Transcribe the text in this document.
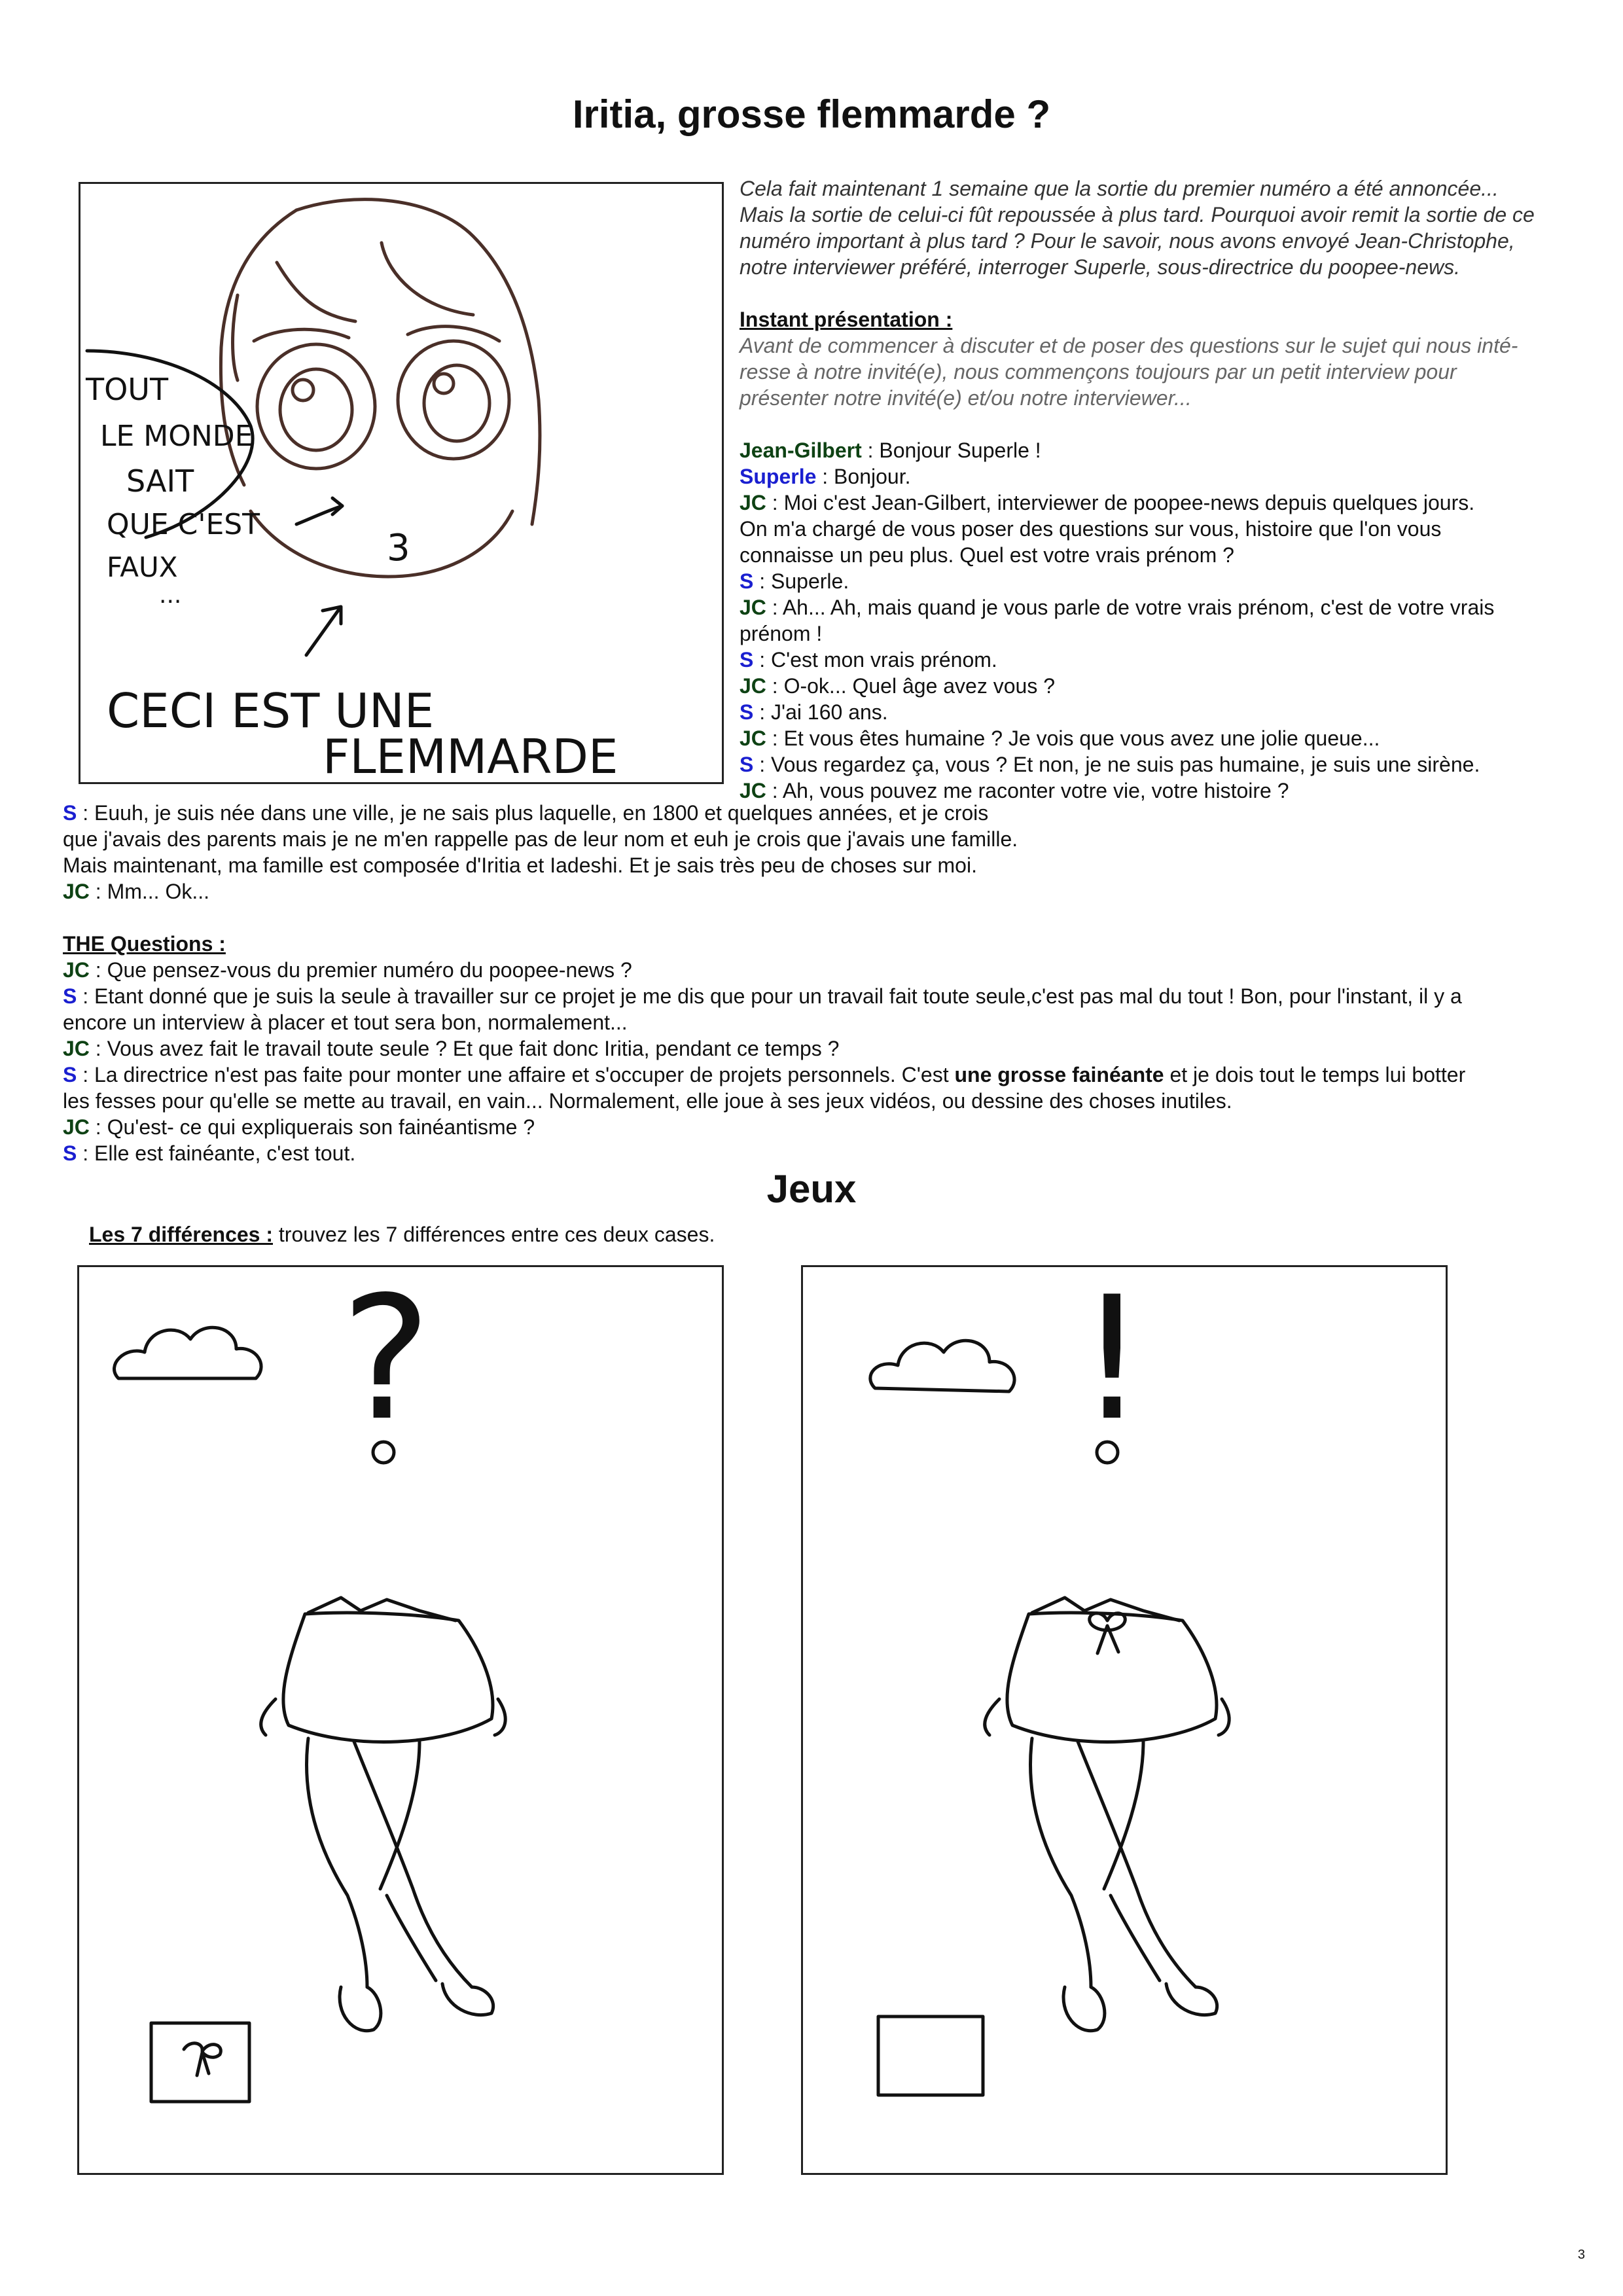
Iritia, grosse flemmarde ?
3
TOUT
LE MONDE
SAIT
QUE C'EST
FAUX
...
CECI EST UNE
FLEMMARDE

Cela fait maintenant 1 semaine que la sortie du premier numéro a été annoncée...

Mais la sortie de celui-ci fût repoussée à plus tard. Pourquoi avoir remit la sortie de ce

numéro important à plus tard ? Pour le savoir, nous avons envoyé Jean-Christophe,

notre interviewer préféré, interroger Superle, sous-directrice du poopee-news.

Instant présentation :

Avant de commencer à discuter et de poser des questions sur le sujet qui nous inté-

resse à notre invité(e), nous commençons toujours par un petit interview pour

présenter notre invité(e) et/ou notre interviewer...

Jean-Gilbert : Bonjour Superle !

Superle : Bonjour.

JC : Moi c'est Jean-Gilbert, interviewer de poopee-news depuis quelques jours.

On m'a chargé de vous poser des questions sur vous, histoire que l'on vous

connaisse un peu plus. Quel est votre vrais prénom ?

S : Superle.

JC : Ah... Ah, mais quand je vous parle de votre vrais prénom, c'est de votre vrais

prénom !

S : C'est mon vrais prénom.

JC : O-ok... Quel âge avez vous ?

S : J'ai 160 ans.

JC : Et vous êtes humaine ? Je vois que vous avez une jolie queue...

S : Vous regardez ça, vous ? Et non, je ne suis pas humaine, je suis une sirène.

JC : Ah, vous pouvez me raconter votre vie, votre histoire ?

S : Euuh, je suis née dans une ville, je ne sais plus laquelle, en 1800 et quelques années, et je crois

que j'avais des parents mais je ne m'en rappelle pas de leur nom et euh je crois que j'avais une famille.

Mais maintenant, ma famille est composée d'Iritia et Iadeshi. Et je sais très peu de choses sur moi.

JC : Mm... Ok...

THE Questions :

JC : Que pensez-vous du premier numéro du poopee-news ?

S : Etant donné que je suis la seule à travailler sur ce projet je me dis que pour un travail fait toute seule,c'est pas mal du tout ! Bon, pour l'instant, il y a

encore un interview à placer et tout sera bon, normalement...

JC : Vous avez fait le travail toute seule ? Et que fait donc Iritia, pendant ce temps ?

S : La directrice n'est pas faite pour monter une affaire et s'occuper de projets personnels. C'est une grosse fainéante et je dois tout le temps lui botter

les fesses pour qu'elle se mette au travail, en vain... Normalement, elle joue à ses jeux vidéos, ou dessine des choses inutiles.

JC : Qu'est- ce qui expliquerais son fainéantisme ?

S : Elle est fainéante, c'est tout.

Jeux
Les 7 différences : trouvez les 7 différences entre ces deux cases.
?	!
3
